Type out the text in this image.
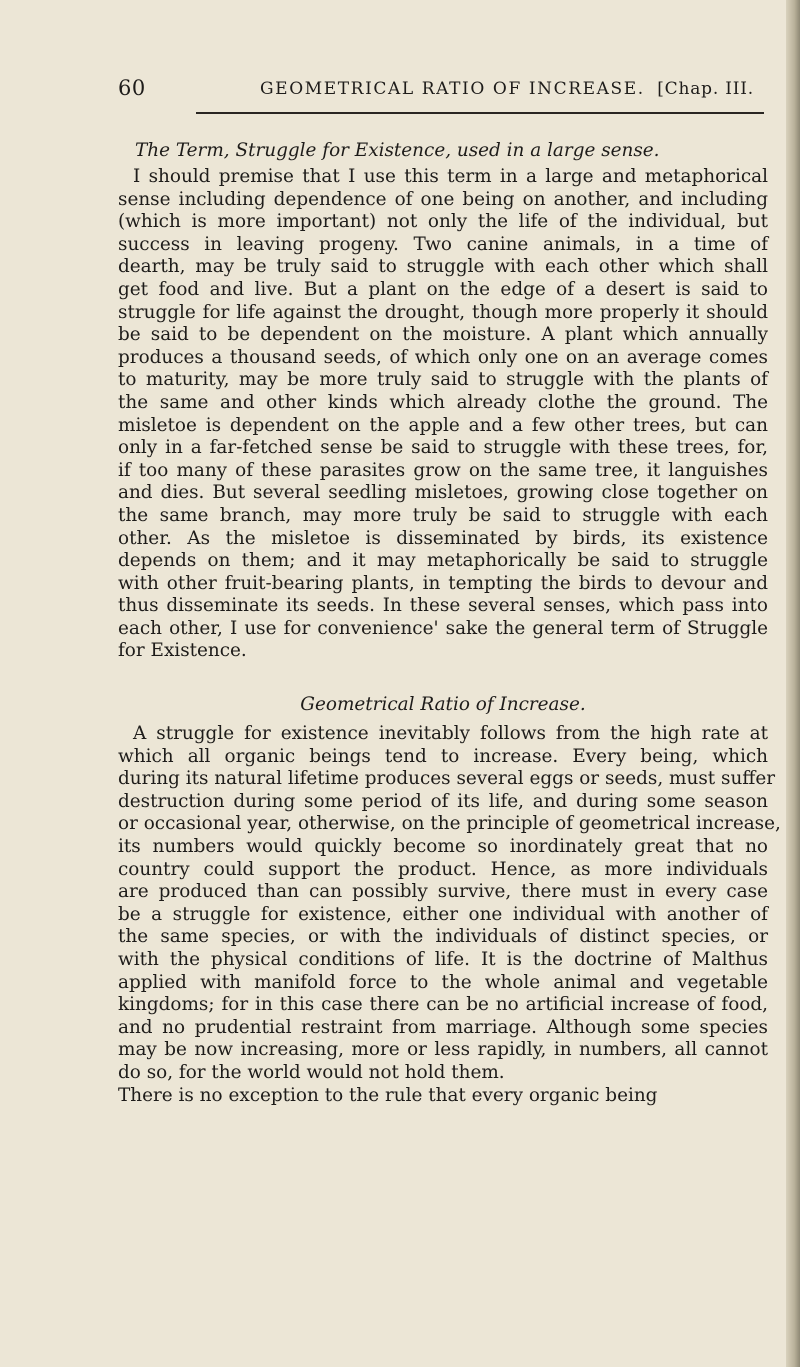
60	GEOMETRICAL RATIO OF INCREASE. [Chap. III.
The Term, Struggle for Existence, used in a large sense.
I should premise that I use this term in a large and metaphorical
sense including dependence of one being on another, and including
(which is more important) not only the life of the individual, but
success in leaving progeny. Two canine animals, in a time of
dearth, may be truly said to struggle with each other which shall
get food and live. But a plant on the edge of a desert is said to
struggle for life against the drought, though more properly it should
be said to be dependent on the moisture. A plant which annually
produces a thousand seeds, of which only one on an average comes
to maturity, may be more truly said to struggle with the plants of
the same and other kinds which already clothe the ground. The
misletoe is dependent on the apple and a few other trees, but can
only in a far-fetched sense be said to struggle with these trees, for,
if too many of these parasites grow on the same tree, it languishes
and dies. But several seedling misletoes, growing close together on
the same branch, may more truly be said to struggle with each
other. As the misletoe is disseminated by birds, its existence
depends on them; and it may metaphorically be said to struggle
with other fruit-bearing plants, in tempting the birds to devour and
thus disseminate its seeds. In these several senses, which pass into
each other, I use for convenience' sake the general term of Struggle
for Existence.
Geometrical Ratio of Increase.
A struggle for existence inevitably follows from the high rate at
which all organic beings tend to increase. Every being, which
during its natural lifetime produces several eggs or seeds, must suffer
destruction during some period of its life, and during some season
or occasional year, otherwise, on the principle of geometrical increase,
its numbers would quickly become so inordinately great that no
country could support the product. Hence, as more individuals
are produced than can possibly survive, there must in every case
be a struggle for existence, either one individual with another of
the same species, or with the individuals of distinct species, or
with the physical conditions of life. It is the doctrine of Malthus
applied with manifold force to the whole animal and vegetable
kingdoms; for in this case there can be no artificial increase of food,
and no prudential restraint from marriage. Although some species
may be now increasing, more or less rapidly, in numbers, all cannot
do so, for the world would not hold them.
There is no exception to the rule that every organic being
